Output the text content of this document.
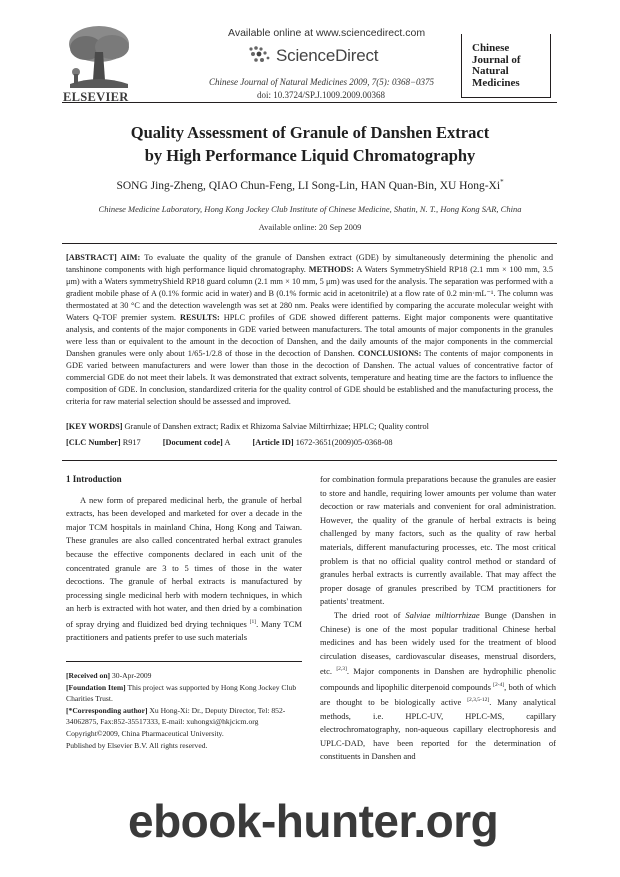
ELSEVIER
Available online at www.sciencedirect.com
ScienceDirect
Chinese Journal of Natural Medicines 2009, 7(5): 0368−0375
doi: 10.3724/SP.J.1009.2009.00368
Chinese
Journal of
Natural
Medicines
Quality Assessment of Granule of Danshen Extract
by High Performance Liquid Chromatography
SONG Jing-Zheng, QIAO Chun-Feng, LI Song-Lin, HAN Quan-Bin, XU Hong-Xi*
Chinese Medicine Laboratory, Hong Kong Jockey Club Institute of Chinese Medicine, Shatin, N. T., Hong Kong SAR, China
Available online: 20 Sep 2009
[ABSTRACT] AIM: To evaluate the quality of the granule of Danshen extract (GDE) by simultaneously determining the phenolic and tanshinone components with high performance liquid chromatography. METHODS: A Waters SymmetryShield RP18 (2.1 mm × 100 mm, 3.5 μm) with a Waters symmetryShield RP18 guard column (2.1 mm × 10 mm, 5 μm) was used for the analysis. The separation was performed with a gradient mobile phase of A (0.1% formic acid in water) and B (0.1% formic acid in acetonitrile) at a flow rate of 0.2 min·mL⁻¹. The column was thermostated at 30 °C and the detection wavelength was set at 280 nm. Peaks were identified by comparing the accurate molecular weight with Waters Q-TOF premier system. RESULTS: HPLC profiles of GDE showed different patterns. Eight major components were quantitative analysis, and contents of the major components in GDE varied between manufacturers. The total amounts of major components in the granules were less than or equivalent to the amount in the decoction of Danshen, and the daily amounts of the major components in the commercial Danshen granules were only about 1/65-1/2.8 of those in the decoction of Danshen. CONCLUSIONS: The contents of major components in GDE varied between manufacturers and were lower than those in the decoction of Danshen. The actual values of concentrative factor of commercial GDE do not meet their labels. It was demonstrated that extract solvents, temperature and heating time are the factors to influence the composition of GDE. In conclusion, standardized criteria for the quality control of GDE should be established and the manufacturing process, the criteria for raw material selection should be assessed and improved.
[KEY WORDS] Granule of Danshen extract; Radix et Rhizoma Salviae Miltirrhizae; HPLC; Quality control
[CLC Number] R917	[Document code] A	[Article ID] 1672-3651(2009)05-0368-08
1 Introduction

A new form of prepared medicinal herb, the granule of herbal extracts, has been developed and marketed for over a decade in the major TCM hospitals in mainland China, Hong Kong and Taiwan. These granules are also called concentrated herbal extract granules because the effective components declared in each unit of the concentrated granule are 3 to 5 times of those in the water decoctions. The granule of herbal extracts is manufactured by processing single medicinal herb with modern techniques, in which an herb is extracted with hot water, and then dried by a combination of spray drying and fluidized bed drying techniques [1]. Many TCM practitioners and patients prefer to use such materials

[Received on] 30-Apr-2009

[Foundation Item] This project was supported by Hong Kong Jockey Club Charities Trust.

[*Corresponding author] Xu Hong-Xi: Dr., Deputy Director, Tel: 852-34062875, Fax:852-35517333, E-mail: xuhongxi@hkjcicm.org

Copyright©2009, China Pharmaceutical University.

Published by Elsevier B.V. All rights reserved.

for combination formula preparations because the granules are easier to store and handle, requiring lower amounts per volume than water decoction or raw materials and convenient for oral administration. However, the quality of the granule of herbal extracts is being challenged by many factors, such as the quality of raw herbal materials, different manufacturing processes, etc. The most critical problem is that no official quality control method or standard of granules herbal extracts is currently available. That may affect the proper dosage of granules prescribed by TCM practitioners for patients' treatment.

The dried root of Salviae miltiorrhizae Bunge (Danshen in Chinese) is one of the most popular traditional Chinese herbal medicines and has been widely used for the treatment of blood circulation diseases, cardiovascular diseases, menstrual disorders, etc. [2,3]. Major components in Danshen are hydrophilic phenolic compounds and lipophilic diterpenoid compounds [2-4], both of which are thought to be biologically active [2,3,5-12]. Many analytical methods, i.e. HPLC-UV, HPLC-MS, capillary electrochromatography, non-aqueous capillary electrophoresis and UPLC-DAD, have been reported for the determination of constituents in Danshen and

ebook-hunter.org
